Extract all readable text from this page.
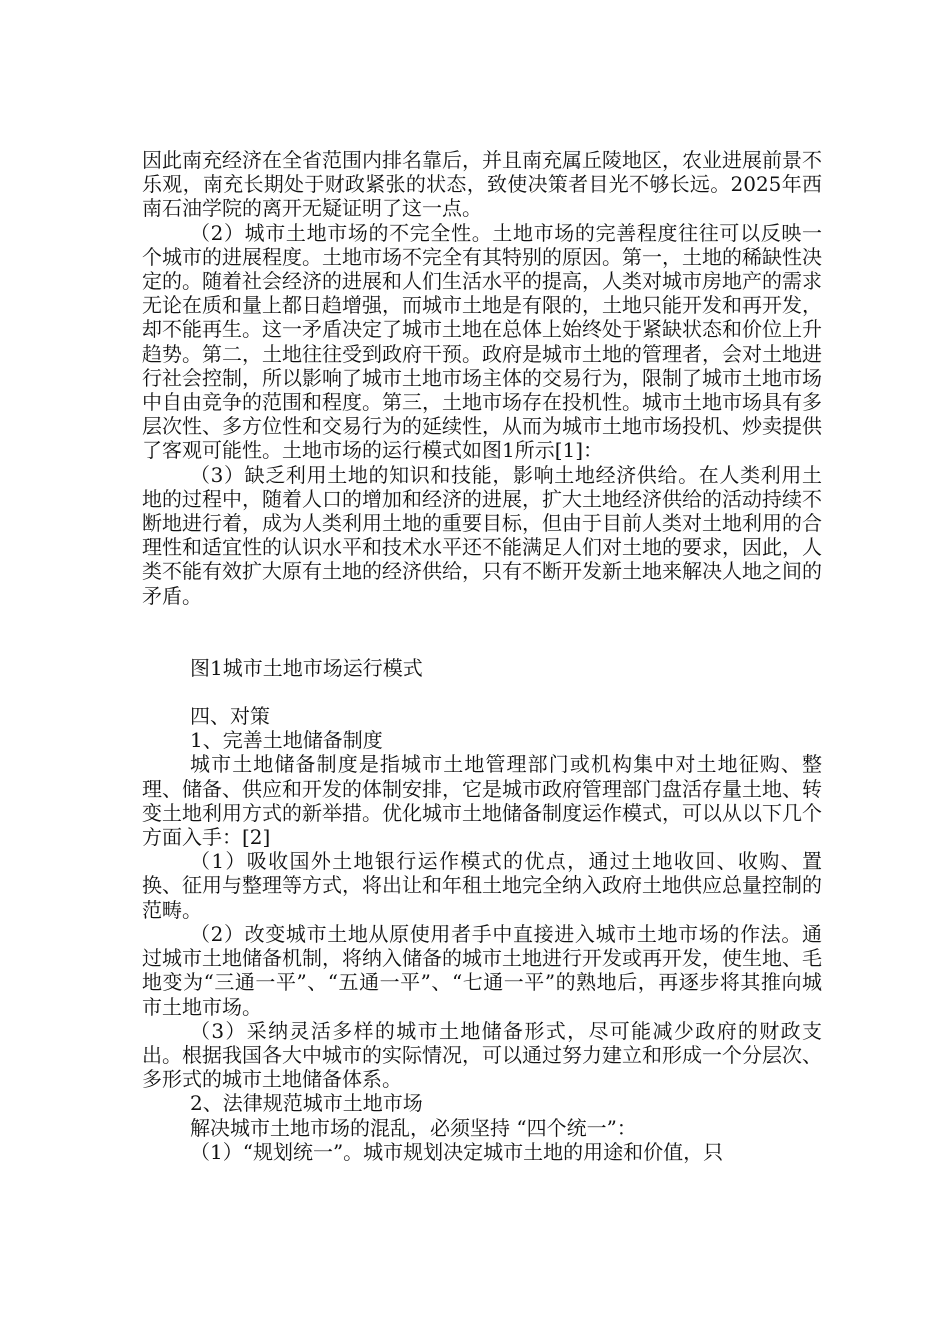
因此南充经济在全省范围内排名靠后，并且南充属丘陵地区，农业进展前景不乐观，南充长期处于财政紧张的状态，致使决策者目光不够长远。2025年西南石油学院的离开无疑证明了这一点。

（2）城市土地市场的不完全性。土地市场的完善程度往往可以反映一个城市的进展程度。土地市场不完全有其特别的原因。第一，土地的稀缺性决定的。随着社会经济的进展和人们生活水平的提高，人类对城市房地产的需求无论在质和量上都日趋增强，而城市土地是有限的，土地只能开发和再开发，却不能再生。这一矛盾决定了城市土地在总体上始终处于紧缺状态和价位上升趋势。第二，土地往往受到政府干预。政府是城市土地的管理者，会对土地进行社会控制，所以影响了城市土地市场主体的交易行为，限制了城市土地市场中自由竞争的范围和程度。第三，土地市场存在投机性。城市土地市场具有多层次性、多方位性和交易行为的延续性，从而为城市土地市场投机、炒卖提供了客观可能性。土地市场的运行模式如图1所示[1]：

（3）缺乏利用土地的知识和技能，影响土地经济供给。在人类利用土地的过程中，随着人口的增加和经济的进展，扩大土地经济供给的活动持续不断地进行着，成为人类利用土地的重要目标，但由于目前人类对土地利用的合理性和适宜性的认识水平和技术水平还不能满足人们对土地的要求，因此，人类不能有效扩大原有土地的经济供给，只有不断开发新土地来解决人地之间的矛盾。

图1城市土地市场运行模式

四、对策

1、完善土地储备制度

城市土地储备制度是指城市土地管理部门或机构集中对土地征购、整理、储备、供应和开发的体制安排，它是城市政府管理部门盘活存量土地、转变土地利用方式的新举措。优化城市土地储备制度运作模式，可以从以下几个方面入手：[2]

（1）吸收国外土地银行运作模式的优点，通过土地收回、收购、置换、征用与整理等方式，将出让和年租土地完全纳入政府土地供应总量控制的范畴。

（2）改变城市土地从原使用者手中直接进入城市土地市场的作法。通过城市土地储备机制，将纳入储备的城市土地进行开发或再开发，使生地、毛地变为“三通一平”、“五通一平”、“七通一平”的熟地后，再逐步将其推向城市土地市场。

（3）采纳灵活多样的城市土地储备形式，尽可能减少政府的财政支出。根据我国各大中城市的实际情况，可以通过努力建立和形成一个分层次、多形式的城市土地储备体系。

2、法律规范城市土地市场

解决城市土地市场的混乱，必须坚持 “四个统一”：

（1）“规划统一”。城市规划决定城市土地的用途和价值，只
